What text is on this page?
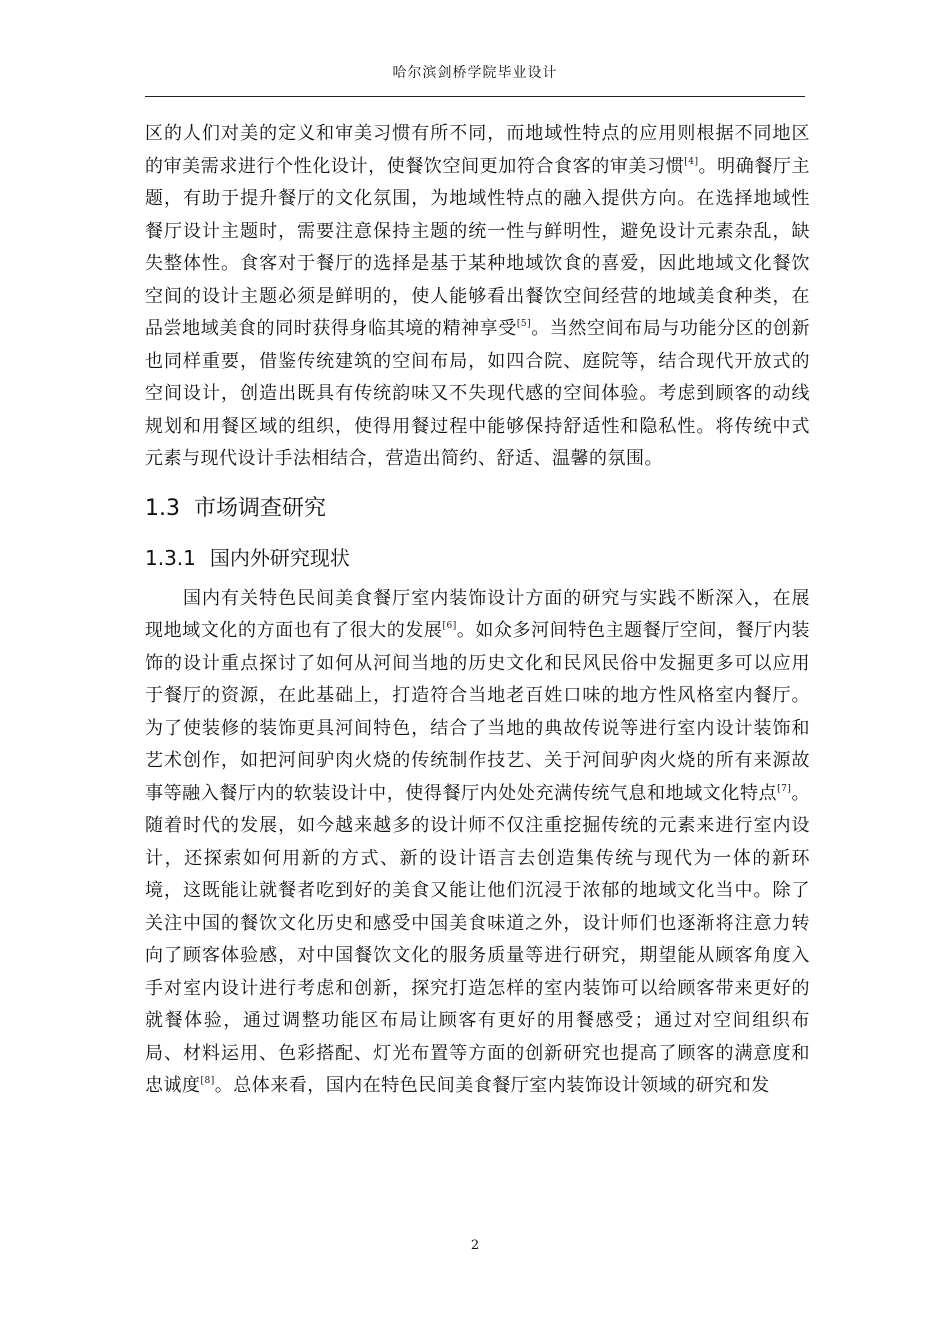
哈尔滨剑桥学院毕业设计

区的人们对美的定义和审美习惯有所不同，而地域性特点的应用则根据不同地区的审美需求进行个性化设计，使餐饮空间更加符合食客的审美习惯[4]。明确餐厅主题，有助于提升餐厅的文化氛围，为地域性特点的融入提供方向。在选择地域性餐厅设计主题时，需要注意保持主题的统一性与鲜明性，避免设计元素杂乱，缺失整体性。食客对于餐厅的选择是基于某种地域饮食的喜爱，因此地域文化餐饮空间的设计主题必须是鲜明的，使人能够看出餐饮空间经营的地域美食种类，在品尝地域美食的同时获得身临其境的精神享受[5]。当然空间布局与功能分区的创新也同样重要，借鉴传统建筑的空间布局，如四合院、庭院等，结合现代开放式的空间设计，创造出既具有传统韵味又不失现代感的空间体验。考虑到顾客的动线规划和用餐区域的组织，使得用餐过程中能够保持舒适性和隐私性。将传统中式元素与现代设计手法相结合，营造出简约、舒适、温馨的氛围。

1.3 市场调查研究
1.3.1 国内外研究现状

国内有关特色民间美食餐厅室内装饰设计方面的研究与实践不断深入，在展现地域文化的方面也有了很大的发展[6]。如众多河间特色主题餐厅空间，餐厅内装饰的设计重点探讨了如何从河间当地的历史文化和民风民俗中发掘更多可以应用于餐厅的资源，在此基础上，打造符合当地老百姓口味的地方性风格室内餐厅。为了使装修的装饰更具河间特色，结合了当地的典故传说等进行室内设计装饰和艺术创作，如把河间驴肉火烧的传统制作技艺、关于河间驴肉火烧的所有来源故事等融入餐厅内的软装设计中，使得餐厅内处处充满传统气息和地域文化特点[7]。随着时代的发展，如今越来越多的设计师不仅注重挖掘传统的元素来进行室内设计，还探索如何用新的方式、新的设计语言去创造集传统与现代为一体的新环境，这既能让就餐者吃到好的美食又能让他们沉浸于浓郁的地域文化当中。除了关注中国的餐饮文化历史和感受中国美食味道之外，设计师们也逐渐将注意力转向了顾客体验感，对中国餐饮文化的服务质量等进行研究，期望能从顾客角度入手对室内设计进行考虑和创新，探究打造怎样的室内装饰可以给顾客带来更好的就餐体验，通过调整功能区布局让顾客有更好的用餐感受；通过对空间组织布局、材料运用、色彩搭配、灯光布置等方面的创新研究也提高了顾客的满意度和忠诚度[8]。总体来看，国内在特色民间美食餐厅室内装饰设计领域的研究和发

2
